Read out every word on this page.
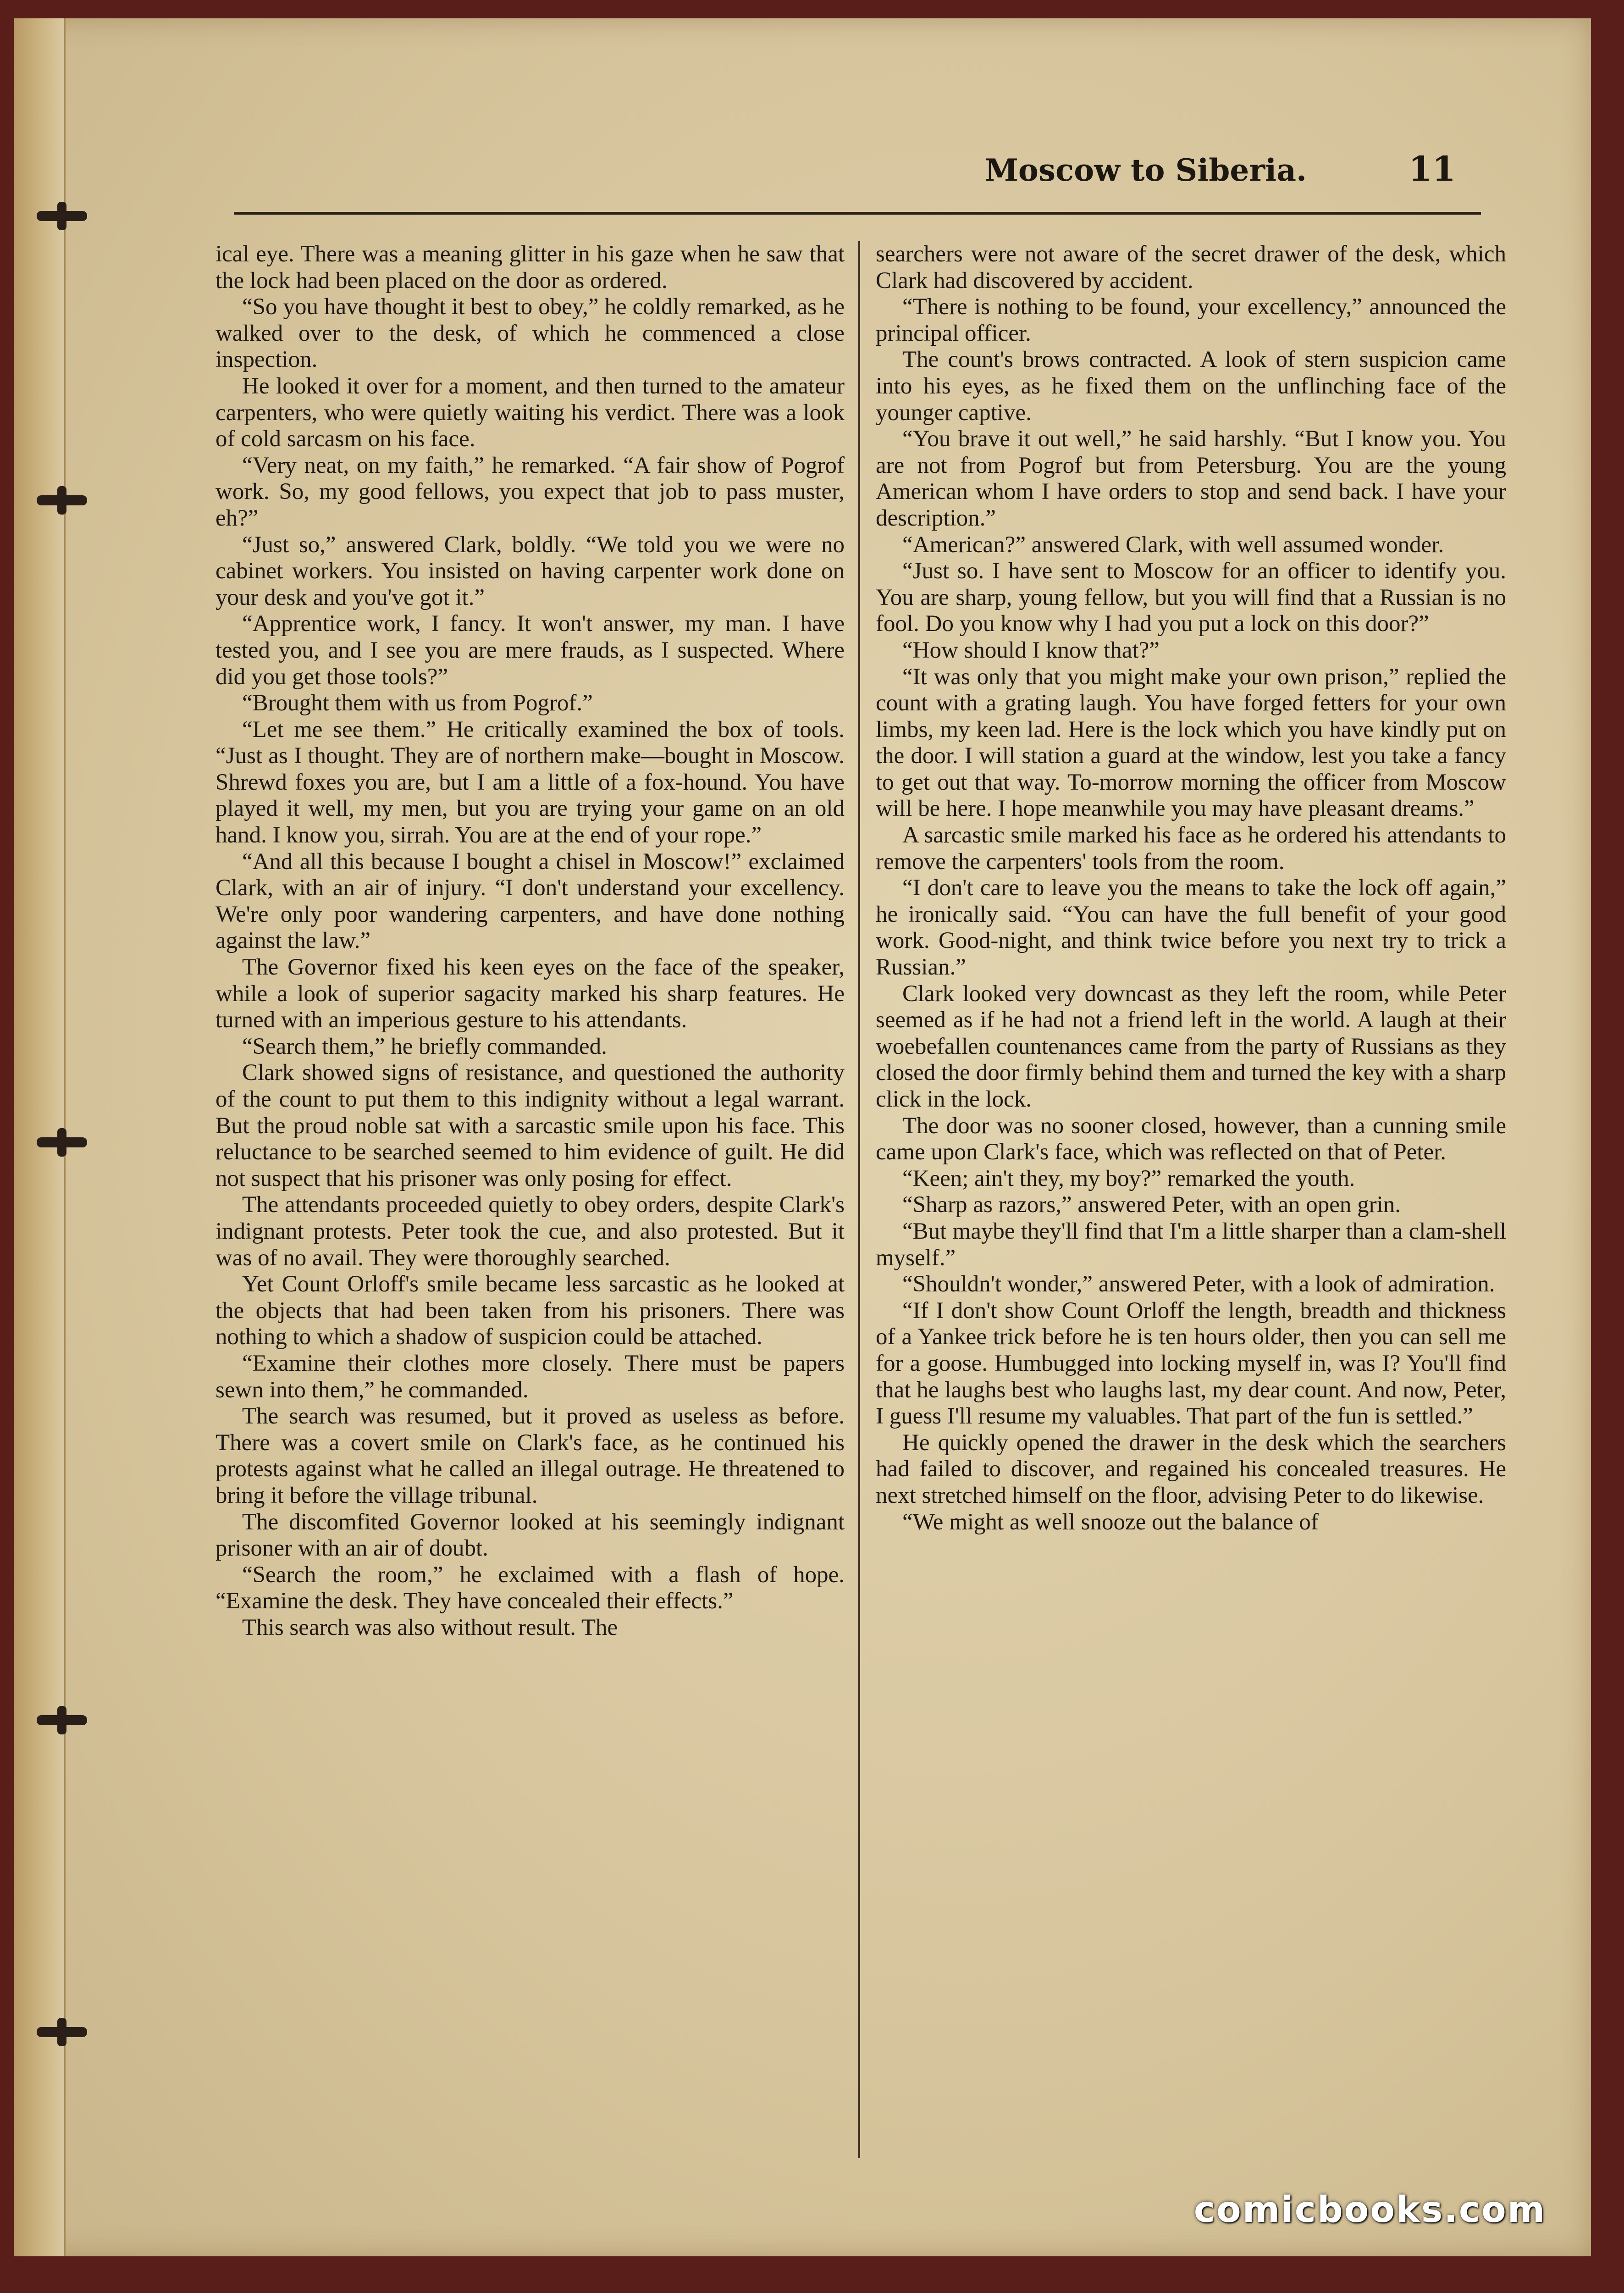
Moscow to Siberia.	11

ical eye. There was a meaning glitter in his gaze when he saw that the lock had been placed on the door as ordered.

“So you have thought it best to obey,” he coldly remarked, as he walked over to the desk, of which he commenced a close inspection.

He looked it over for a moment, and then turned to the amateur carpenters, who were quietly waiting his verdict. There was a look of cold sarcasm on his face.

“Very neat, on my faith,” he remarked. “A fair show of Pogrof work. So, my good fellows, you expect that job to pass muster, eh?”

“Just so,” answered Clark, boldly. “We told you we were no cabinet workers. You insisted on having carpenter work done on your desk and you've got it.”

“Apprentice work, I fancy. It won't answer, my man. I have tested you, and I see you are mere frauds, as I suspected. Where did you get those tools?”

“Brought them with us from Pogrof.”

“Let me see them.” He critically examined the box of tools. “Just as I thought. They are of northern make—bought in Moscow. Shrewd foxes you are, but I am a little of a fox-hound. You have played it well, my men, but you are trying your game on an old hand. I know you, sirrah. You are at the end of your rope.”

“And all this because I bought a chisel in Moscow!” exclaimed Clark, with an air of injury. “I don't understand your excellency. We're only poor wandering carpenters, and have done nothing against the law.”

The Governor fixed his keen eyes on the face of the speaker, while a look of superior sagacity marked his sharp features. He turned with an imperious gesture to his attendants.

“Search them,” he briefly commanded.

Clark showed signs of resistance, and questioned the authority of the count to put them to this indignity without a legal warrant. But the proud noble sat with a sarcastic smile upon his face. This reluctance to be searched seemed to him evidence of guilt. He did not suspect that his prisoner was only posing for effect.

The attendants proceeded quietly to obey orders, despite Clark's indignant protests. Peter took the cue, and also protested. But it was of no avail. They were thoroughly searched.

Yet Count Orloff's smile became less sarcastic as he looked at the objects that had been taken from his prisoners. There was nothing to which a shadow of suspicion could be attached.

“Examine their clothes more closely. There must be papers sewn into them,” he commanded.

The search was resumed, but it proved as useless as before. There was a covert smile on Clark's face, as he continued his protests against what he called an illegal outrage. He threatened to bring it before the village tribunal.

The discomfited Governor looked at his seemingly indignant prisoner with an air of doubt.

“Search the room,” he exclaimed with a flash of hope. “Examine the desk. They have concealed their effects.”

This search was also without result. The

searchers were not aware of the secret drawer of the desk, which Clark had discovered by accident.

“There is nothing to be found, your excellency,” announced the principal officer.

The count's brows contracted. A look of stern suspicion came into his eyes, as he fixed them on the unflinching face of the younger captive.

“You brave it out well,” he said harshly. “But I know you. You are not from Pogrof but from Petersburg. You are the young American whom I have orders to stop and send back. I have your description.”

“American?” answered Clark, with well assumed wonder.

“Just so. I have sent to Moscow for an officer to identify you. You are sharp, young fellow, but you will find that a Russian is no fool. Do you know why I had you put a lock on this door?”

“How should I know that?”

“It was only that you might make your own prison,” replied the count with a grating laugh. You have forged fetters for your own limbs, my keen lad. Here is the lock which you have kindly put on the door. I will station a guard at the window, lest you take a fancy to get out that way. To-morrow morning the officer from Moscow will be here. I hope meanwhile you may have pleasant dreams.”

A sarcastic smile marked his face as he ordered his attendants to remove the carpenters' tools from the room.

“I don't care to leave you the means to take the lock off again,” he ironically said. “You can have the full benefit of your good work. Good-night, and think twice before you next try to trick a Russian.”

Clark looked very downcast as they left the room, while Peter seemed as if he had not a friend left in the world. A laugh at their woebefallen countenances came from the party of Russians as they closed the door firmly behind them and turned the key with a sharp click in the lock.

The door was no sooner closed, however, than a cunning smile came upon Clark's face, which was reflected on that of Peter.

“Keen; ain't they, my boy?” remarked the youth.

“Sharp as razors,” answered Peter, with an open grin.

“But maybe they'll find that I'm a little sharper than a clam-shell myself.”

“Shouldn't wonder,” answered Peter, with a look of admiration.

“If I don't show Count Orloff the length, breadth and thickness of a Yankee trick before he is ten hours older, then you can sell me for a goose. Humbugged into locking myself in, was I? You'll find that he laughs best who laughs last, my dear count. And now, Peter, I guess I'll resume my valuables. That part of the fun is settled.”

He quickly opened the drawer in the desk which the searchers had failed to discover, and regained his concealed treasures. He next stretched himself on the floor, advising Peter to do likewise.

“We might as well snooze out the balance of

comicbooks.com
